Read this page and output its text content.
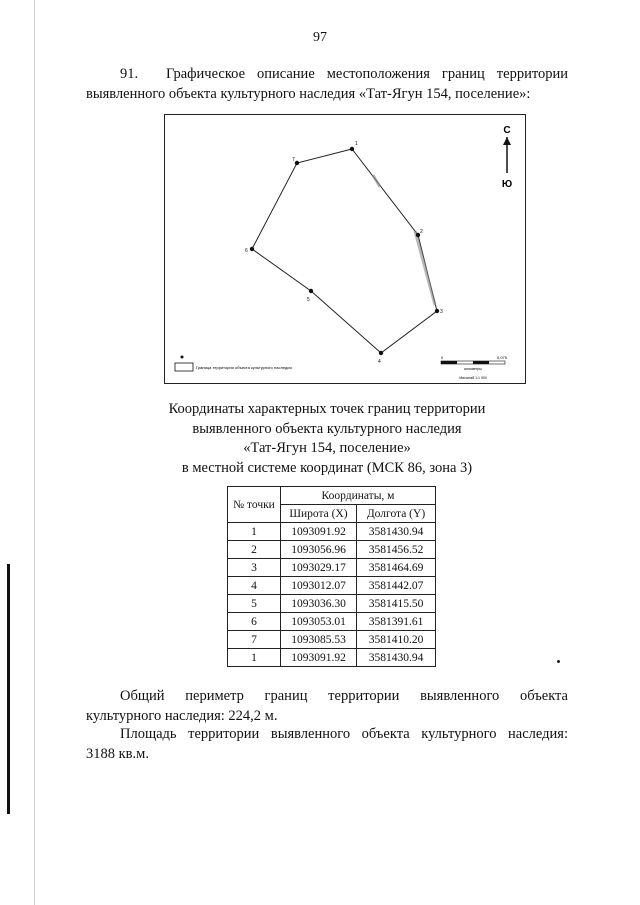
97
91. Графическое описание местоположения границ территории выявленного объекта культурного наследия «Тат-Ягун 154, поселение»:
1
2
3
4
5
6
7
С
Ю
Граница территории объекта культурного наследия
0	0,075
километры
Масштаб 1:1 900
Координаты характерных точек границ территории
выявленного объекта культурного наследия
«Тат-Ягун 154, поселение»
в местной системе координат (МСК 86, зона 3)
№ точки	Координаты, м	
	Широта (X)	Долгота (Y)
1	1093091.92	3581430.94
2	1093056.96	3581456.52
3	1093029.17	3581464.69
4	1093012.07	3581442.07
5	1093036.30	3581415.50
6	1093053.01	3581391.61
7	1093085.53	3581410.20
1	1093091.92	3581430.94
Общий периметр границ территории выявленного объекта
культурного наследия: 224,2 м.
Площадь территории выявленного объекта культурного наследия:
3188 кв.м.
